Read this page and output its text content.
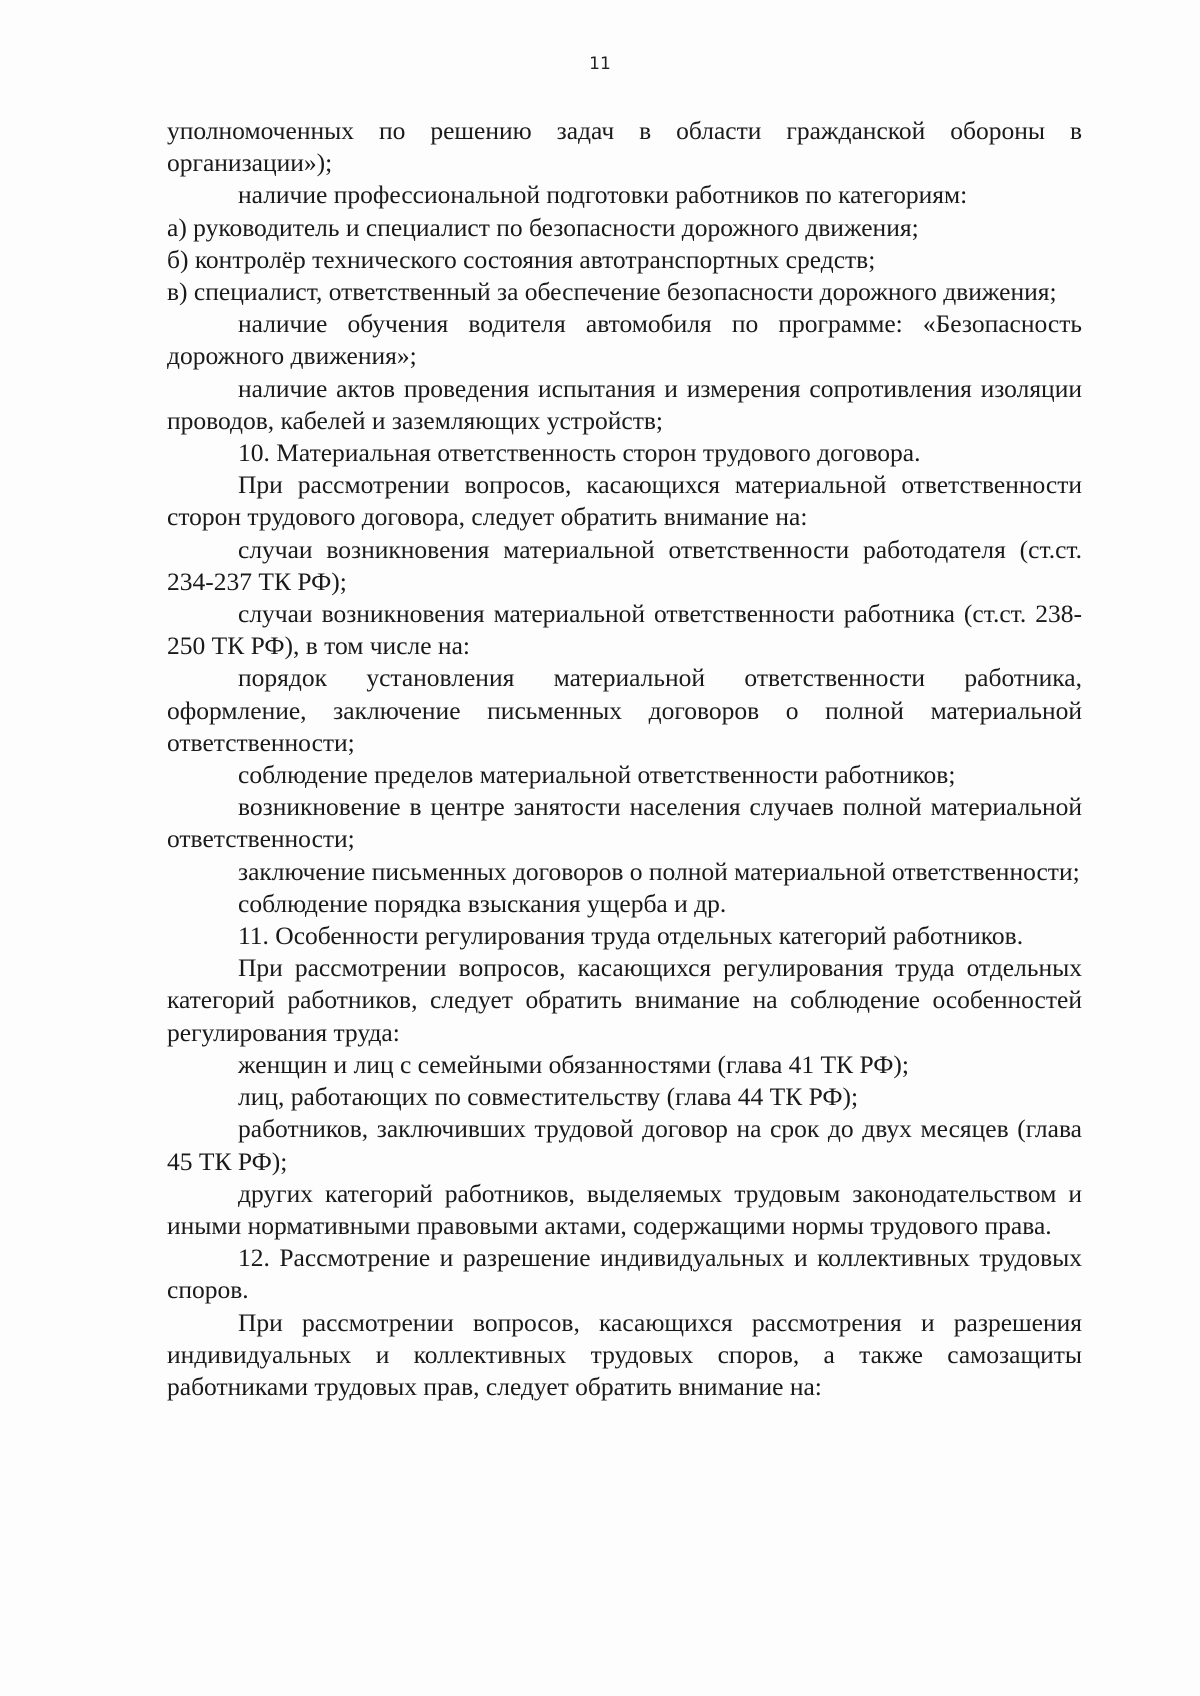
11

уполномоченных по решению задач в области гражданской обороны в организации»);

наличие профессиональной подготовки работников по категориям:

а) руководитель и специалист по безопасности дорожного движения;

б) контролёр технического состояния автотранспортных средств;

в) специалист, ответственный за обеспечение безопасности дорожного движения;

наличие обучения водителя автомобиля по программе: «Безопасность дорожного движения»;

наличие актов проведения испытания и измерения сопротивления изоляции проводов, кабелей и заземляющих устройств;

10. Материальная ответственность сторон трудового договора.

При рассмотрении вопросов, касающихся материальной ответственности сторон трудового договора, следует обратить внимание на:

случаи возникновения материальной ответственности работодателя (ст.ст. 234-237 ТК РФ);

случаи возникновения материальной ответственности работника (ст.ст. 238-250 ТК РФ), в том числе на:

порядок установления материальной ответственности работника, оформление, заключение письменных договоров о полной материальной ответственности;

соблюдение пределов материальной ответственности работников;

возникновение в центре занятости населения случаев полной материальной ответственности;

заключение письменных договоров о полной материальной ответственности;

соблюдение порядка взыскания ущерба и др.

11. Особенности регулирования труда отдельных категорий работников.

При рассмотрении вопросов, касающихся регулирования труда отдельных категорий работников, следует обратить внимание на соблюдение особенностей регулирования труда:

женщин и лиц с семейными обязанностями (глава 41 ТК РФ);

лиц, работающих по совместительству (глава 44 ТК РФ);

работников, заключивших трудовой договор на срок до двух месяцев (глава 45 ТК РФ);

других категорий работников, выделяемых трудовым законодательством и иными нормативными правовыми актами, содержащими нормы трудового права.

12. Рассмотрение и разрешение индивидуальных и коллективных трудовых споров.

При рассмотрении вопросов, касающихся рассмотрения и разрешения индивидуальных и коллективных трудовых споров, а также самозащиты работниками трудовых прав, следует обратить внимание на:
